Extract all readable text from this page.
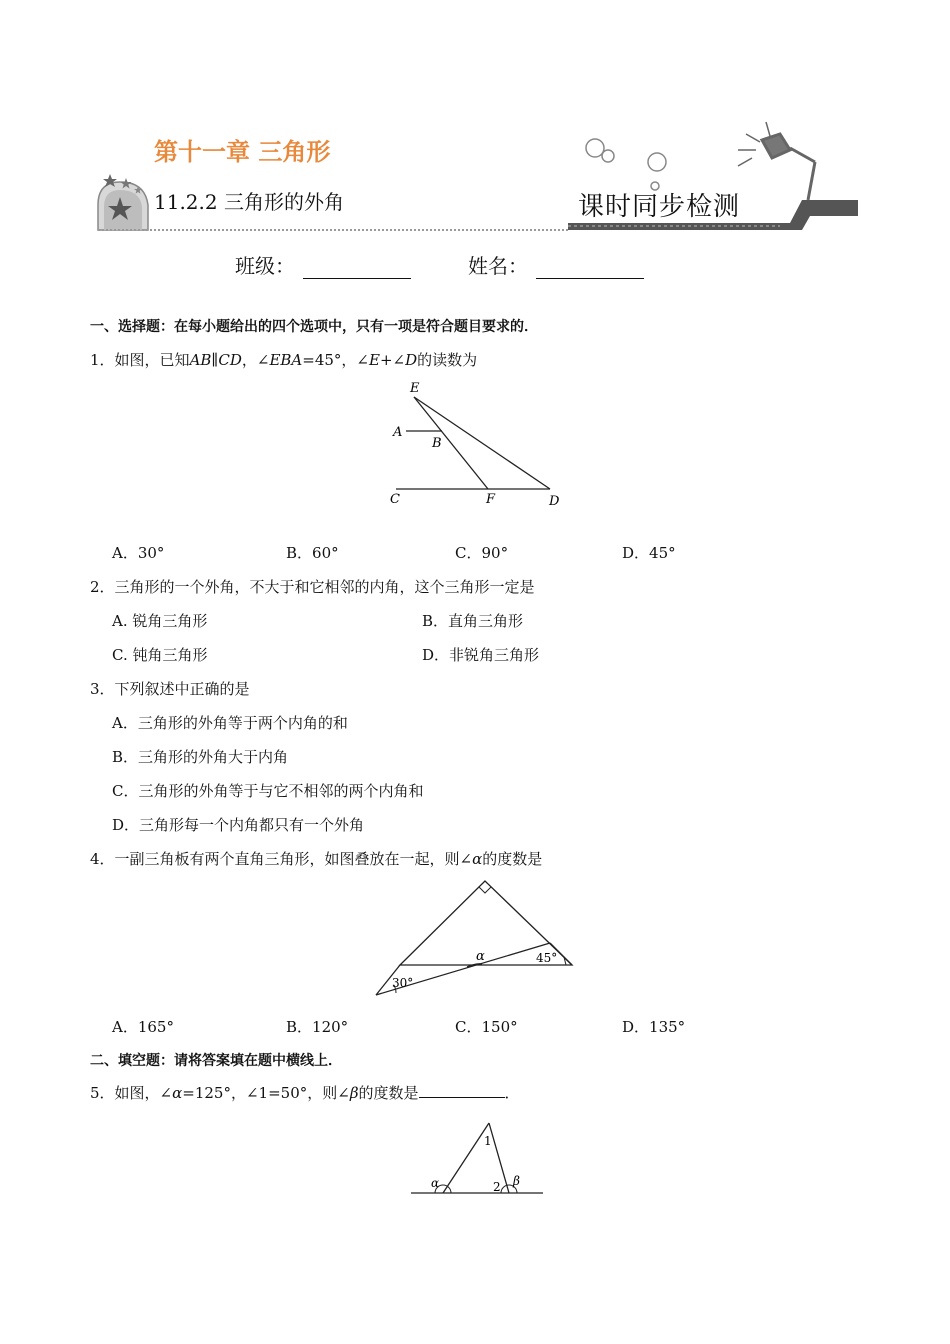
第十一章 三角形
11.2.2 三角形的外角	课时同步检测
班级：	姓名：
一、选择题：在每小题给出的四个选项中，只有一项是符合题目要求的．
1．如图，已知AB∥CD，∠EBA=45°，∠E+∠D的读数为
E
A
B
C	F	D
A．30°	B．60°	C．90°	D．45°
2．三角形的一个外角，不大于和它相邻的内角，这个三角形一定是
A. 锐角三角形	B．直角三角形
C. 钝角三角形	D．非锐角三角形
3．下列叙述中正确的是
A．三角形的外角等于两个内角的和
B．三角形的外角大于内角
C．三角形的外角等于与它不相邻的两个内角和
D．三角形每一个内角都只有一个外角
4．一副三角板有两个直角三角形，如图叠放在一起，则∠α的度数是
α	45°
30°
A．165°	B．120°	C．150°	D．135°
二、填空题：请将答案填在题中横线上．
5．如图，∠α=125°，∠1=50°，则∠β的度数是	．
1
2
α	β
